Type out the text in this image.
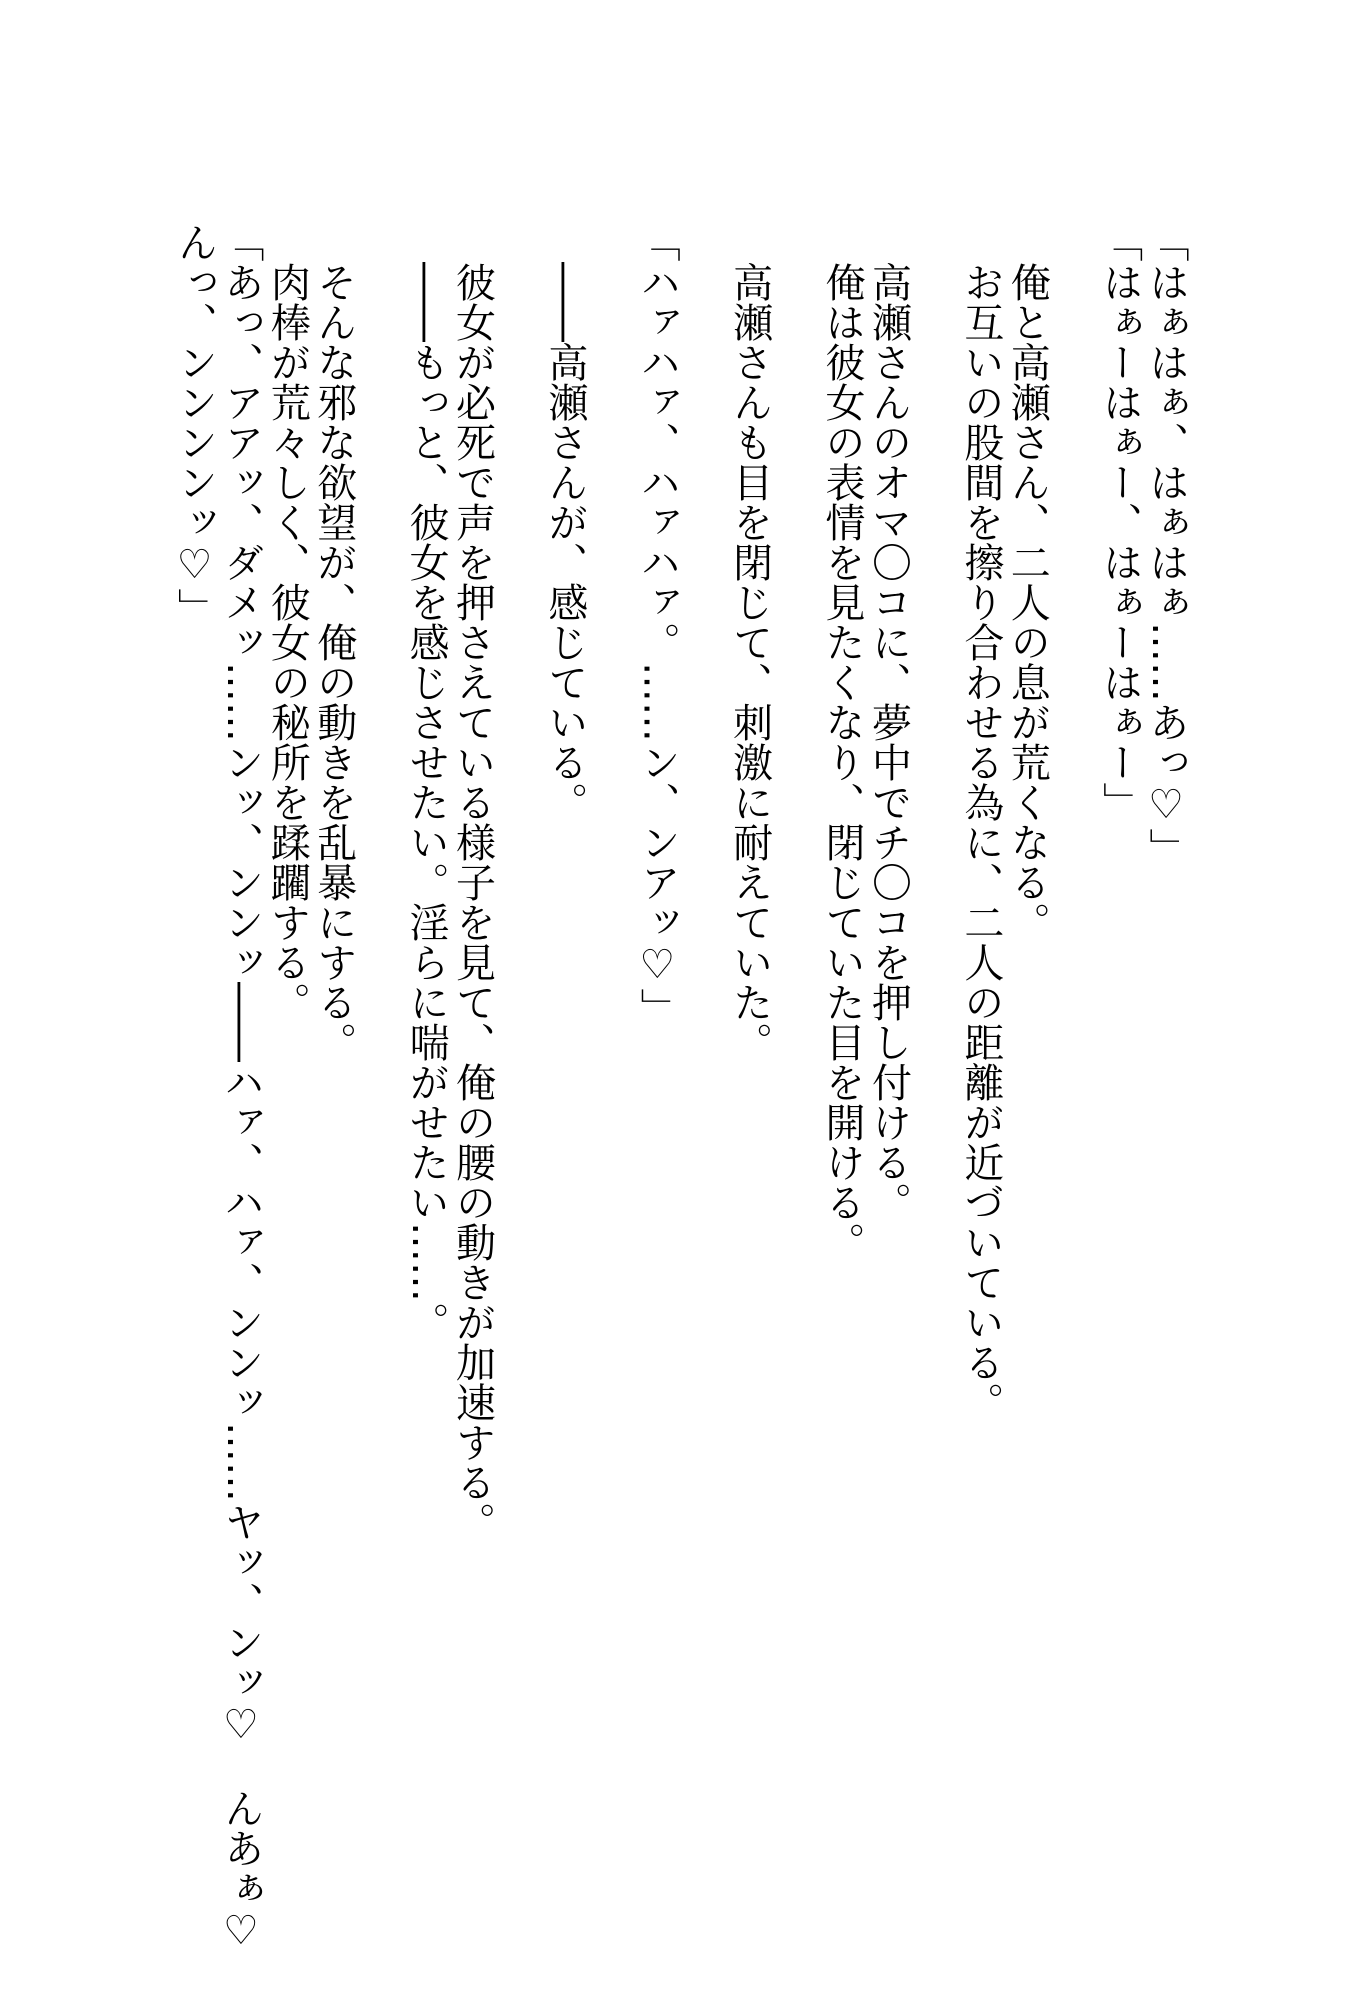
「はぁはぁ、はぁはぁ……あっ♡」

「はぁーはぁー、はぁーはぁー」

俺と高瀬さん、二人の息が荒くなる。

お互いの股間を擦り合わせる為に、二人の距離が近づいている。

高瀬さんのオマ〇コに、夢中でチ〇コを押し付ける。

俺は彼女の表情を見たくなり、閉じていた目を開ける。

高瀬さんも目を閉じて、刺激に耐えていた。

「ハァハァ、ハァハァ。……ン、ンアッ♡」

――高瀬さんが、感じている。

彼女が必死で声を押さえている様子を見て、俺の腰の動きが加速する。

――もっと、彼女を感じさせたい。淫らに喘がせたい……。

そんな邪な欲望が、俺の動きを乱暴にする。

肉棒が荒々しく、彼女の秘所を蹂躙する。

「あっ、アアッ、ダメッ……ンッ、ンンッ――ハァ、ハァ、ンンッ……ヤッ、ンッ♡　んあぁ♡

んっ、ンンンンッ♡」
